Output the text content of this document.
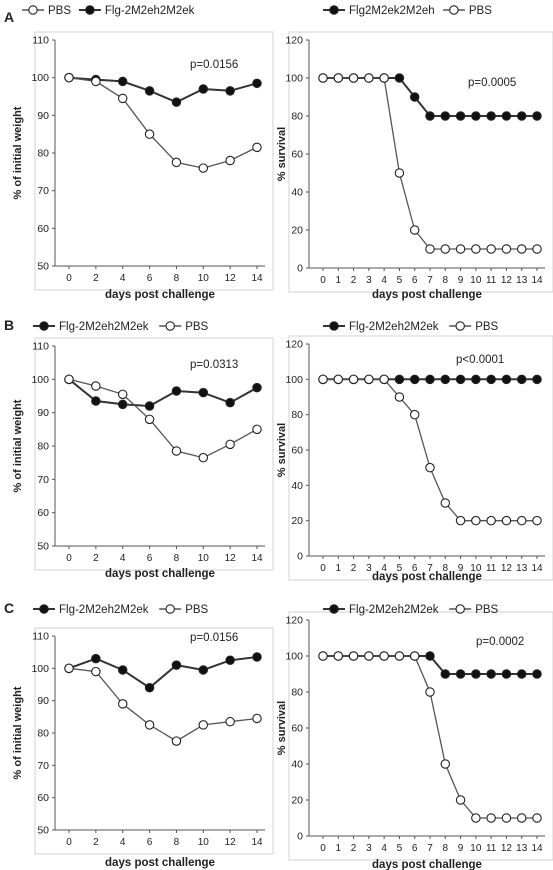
A
B
C
50
60
70
80
90
100
110
0 2 4 6 8 10 12 14
days post challenge
% of initial weight
p=0.0156
PBS	Flg-2M2eh2M2ek
0
20
40
60
80
100
120
0 1 2 3 4 5 6 7 8 9 10 11 12 13 14
days post challenge
% survival
p=0.0005
Flg2M2ek2M2eh	PBS
50
60
70
80
90
100
110
0 2 4 6 8 10 12 14
days post challenge
% of initial weight
p=0.0313
Flg-2M2eh2M2ek	PBS
0
20
40
60
80
100
120
0 1 2 3 4 5 6 7 8 9 10 11 12 13 14
days post challenge
% survival
p<0.0001
Flg-2M2eh2M2ek	PBS
50
60
70
80
90
100
110
0 2 4 6 8 10 12 14
days post challenge
% of initial weight
p=0.0156
Flg-2M2eh2M2ek	PBS
0
20
40
60
80
100
120
0 1 2 3 4 5 6 7 8 9 10 11 12 13 14
days post challenge
% survival
p=0.0002
Flg-2M2eh2M2ek	PBS
